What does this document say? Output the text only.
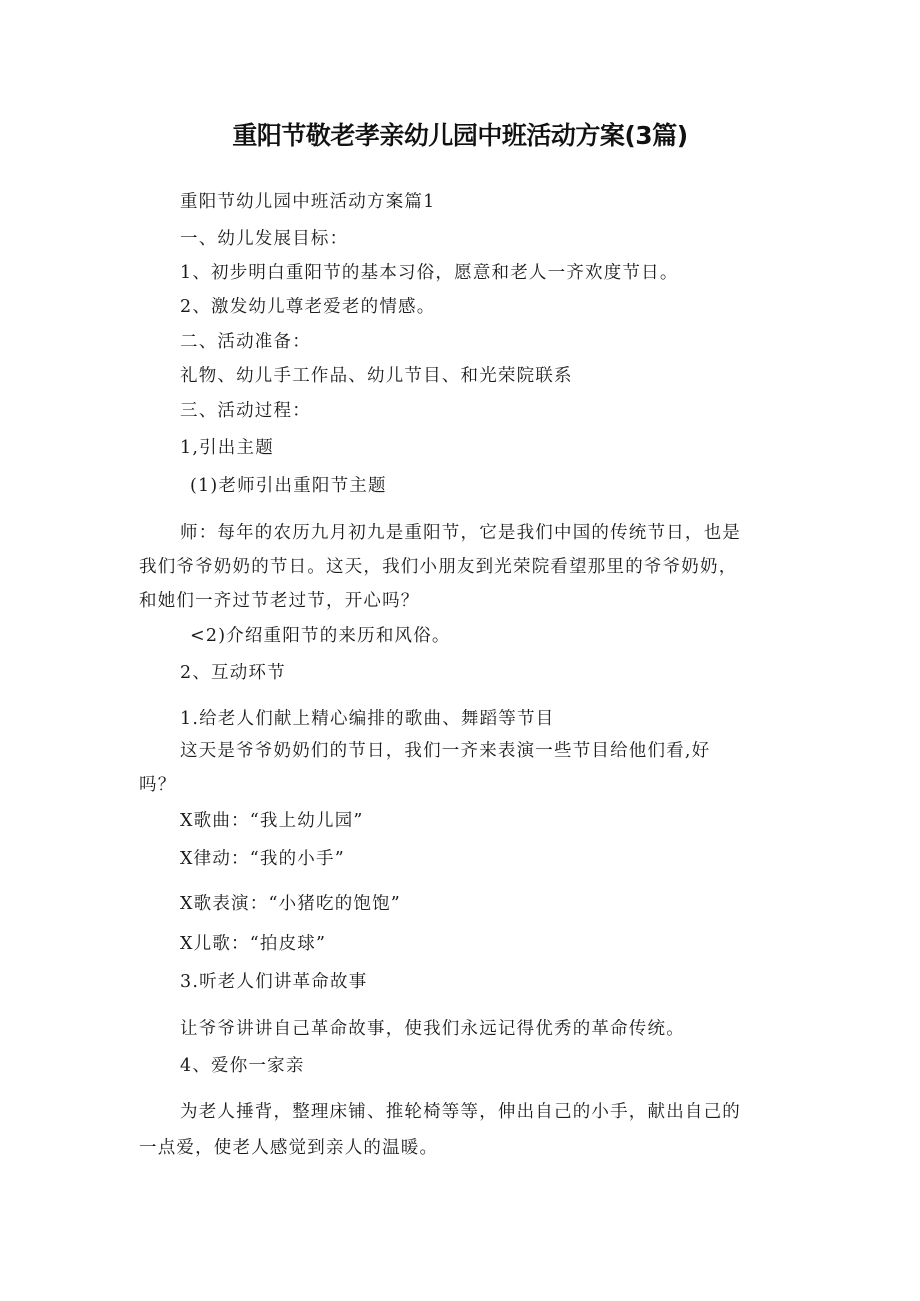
重阳节敬老孝亲幼儿园中班活动方案(3篇)
重阳节幼儿园中班活动方案篇1
一、幼儿发展目标：
1、初步明白重阳节的基本习俗，愿意和老人一齐欢度节日。
2、激发幼儿尊老爱老的情感。
二、活动准备：
礼物、幼儿手工作品、幼儿节目、和光荣院联系
三、活动过程：
1,引出主题
(1)老师引出重阳节主题
师：每年的农历九月初九是重阳节，它是我们中国的传统节日，也是
我们爷爷奶奶的节日。这天，我们小朋友到光荣院看望那里的爷爷奶奶，
和她们一齐过节老过节，开心吗？
<2)介绍重阳节的来历和风俗。
2、互动环节
1.给老人们献上精心编排的歌曲、舞蹈等节目
这天是爷爷奶奶们的节日，我们一齐来表演一些节目给他们看,好
吗？
X歌曲：“我上幼儿园”
X律动：“我的小手”
X歌表演：“小猪吃的饱饱”
X儿歌：“拍皮球”
3.听老人们讲革命故事
让爷爷讲讲自己革命故事，使我们永远记得优秀的革命传统。
4、爱你一家亲
为老人捶背，整理床铺、推轮椅等等，伸出自己的小手，献出自己的
一点爱，使老人感觉到亲人的温暖。
